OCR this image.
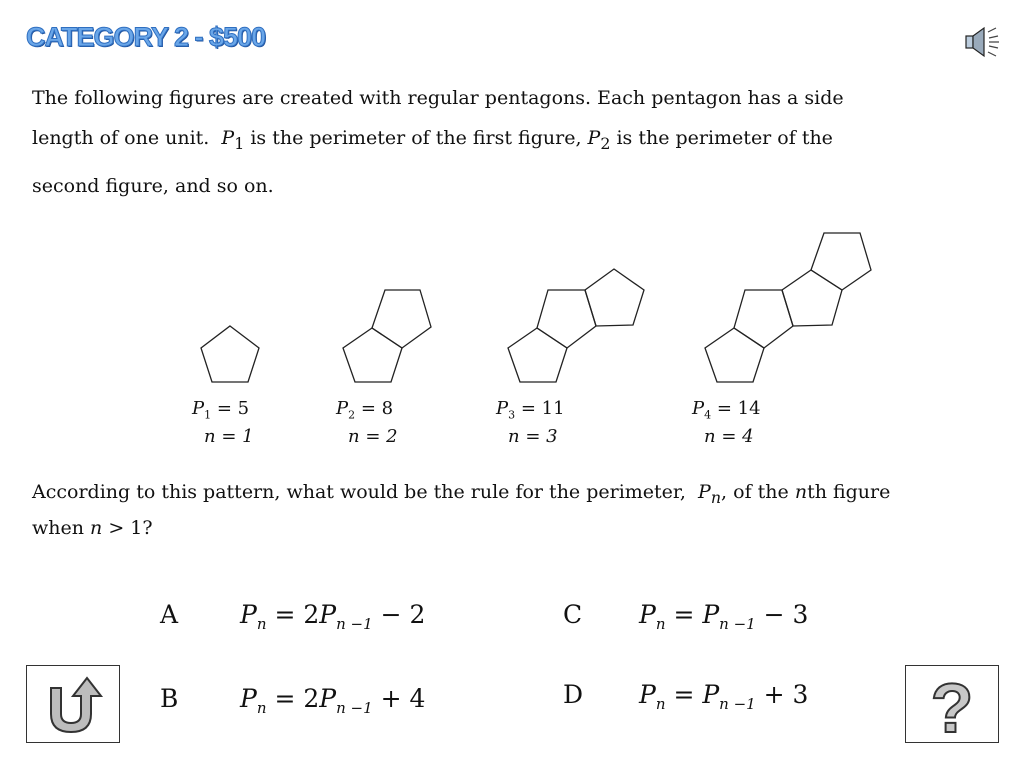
CATEGORY 2 - $500

The following figures are created with regular pentagons. Each pentagon has a side

length of one unit. $P_1$ is the perimeter of the first figure, $P_2$ is the perimeter of the

second figure, and so on.

$P_1 = 5$
n = 1
$P_2 = 8$
n = 2
$P_3 = 11$
n = 3
$P_4 = 14$
n = 4
According to this pattern, what would be the rule for the perimeter, $P_n$, of the nth figure
when n > 1?
A $P_n = 2P_{n -1} - 2$
B $P_n = 2P_{n -1} + 4$
C $P_n = P_{n -1} - 3$
D $P_n = P_{n -1} + 3$ ?
